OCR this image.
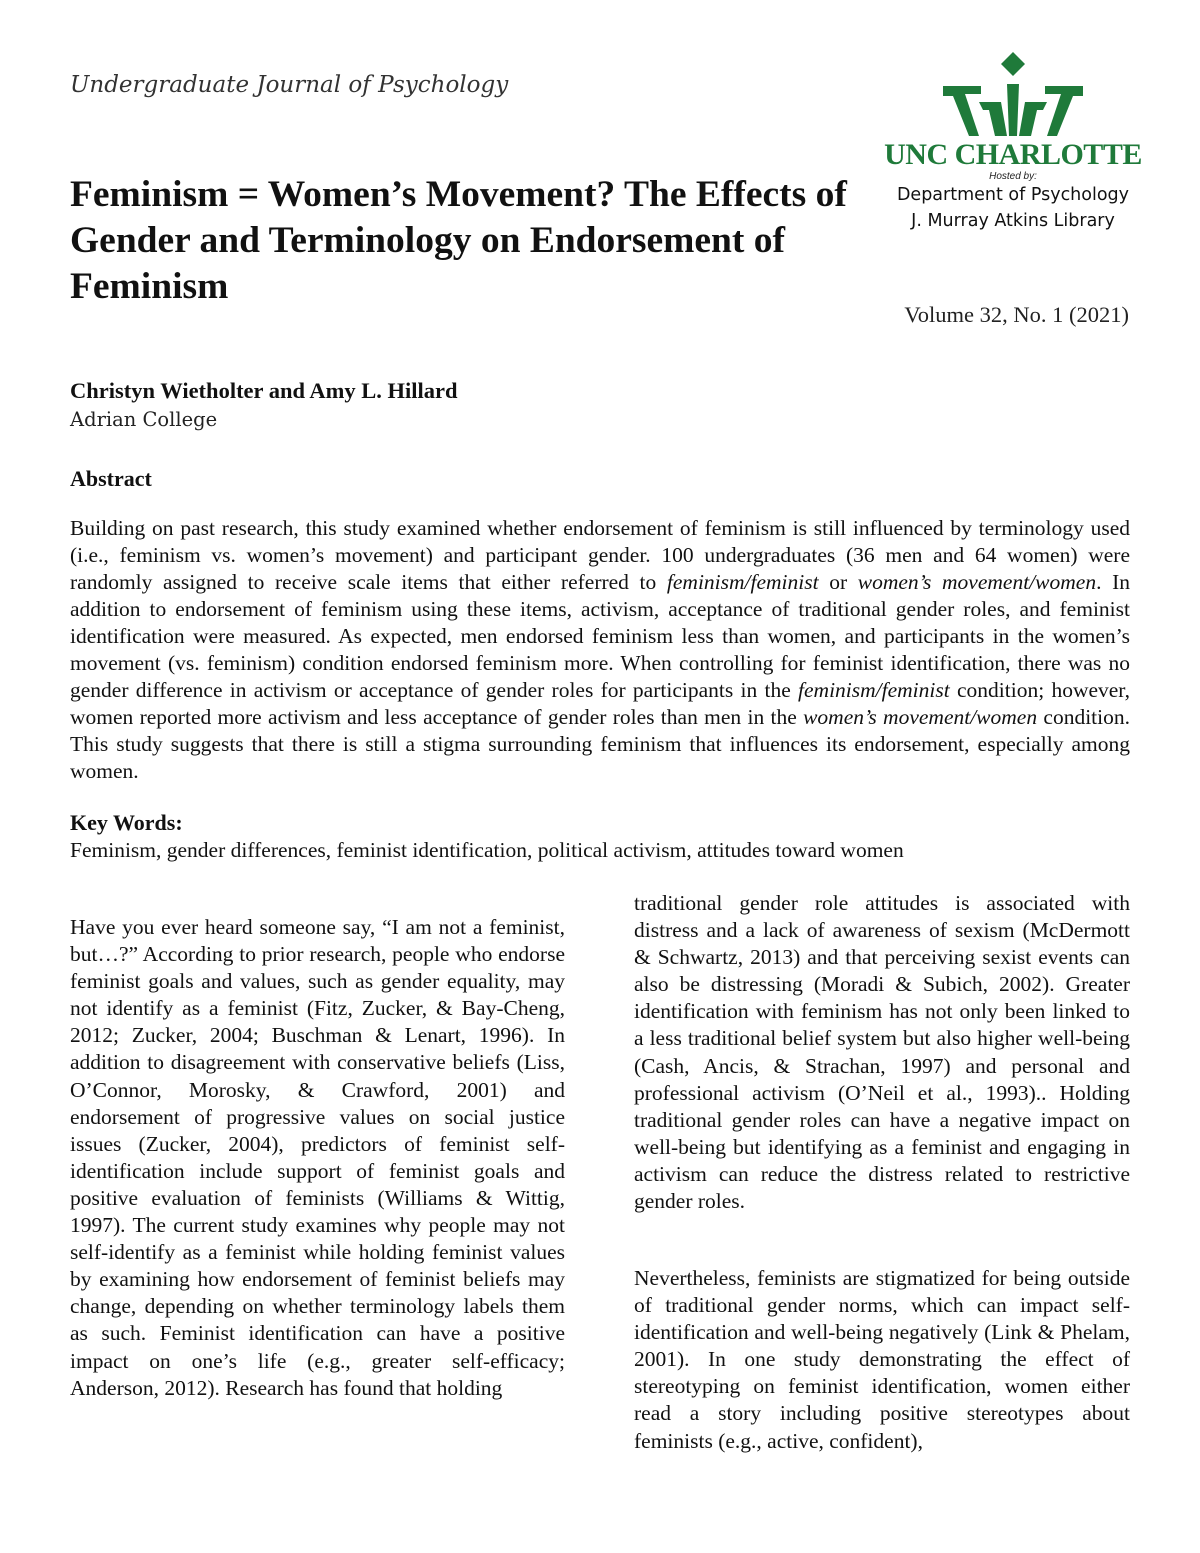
Undergraduate Journal of Psychology
Feminism = Women’s Movement? The Effects of Gender and Terminology on Endorsement of Feminism
UNC CHARLOTTE
Hosted by:
Department of Psychology
J. Murray Atkins Library
Volume 32, No. 1 (2021)
Christyn Wietholter and Amy L. Hillard
Adrian College
Abstract

Building on past research, this study examined whether endorsement of feminism is still influenced by terminology used (i.e., feminism vs. women’s movement) and participant gender. 100 undergraduates (36 men and 64 women) were randomly assigned to receive scale items that either referred to feminism/feminist or women’s movement/women. In addition to endorsement of feminism using these items, activism, acceptance of traditional gender roles, and feminist identification were measured. As expected, men endorsed feminism less than women, and participants in the women’s movement (vs. feminism) condition endorsed feminism more. When controlling for feminist identification, there was no gender difference in activism or acceptance of gender roles for participants in the feminism/feminist condition; however, women reported more activism and less acceptance of gender roles than men in the women’s movement/women condition. This study suggests that there is still a stigma surrounding feminism that influences its endorsement, especially among women.

Key Words:
Feminism, gender differences, feminist identification, political activism, attitudes toward women

Have you ever heard someone say, “I am not a feminist, but…?” According to prior research, people who endorse feminist goals and values, such as gender equality, may not identify as a feminist (Fitz, Zucker, & Bay-Cheng, 2012; Zucker, 2004; Buschman & Lenart, 1996). In addition to disagreement with conservative beliefs (Liss, O’Connor, Morosky, & Crawford, 2001) and endorsement of progressive values on social justice issues (Zucker, 2004), predictors of feminist self-identification include support of feminist goals and positive evaluation of feminists (Williams & Wittig, 1997). The current study examines why people may not self-identify as a feminist while holding feminist values by examining how endorsement of feminist beliefs may change, depending on whether terminology labels them as such. Feminist identification can have a positive impact on one’s life (e.g., greater self-efficacy; Anderson, 2012). Research has found that holding

traditional gender role attitudes is associated with distress and a lack of awareness of sexism (McDermott & Schwartz, 2013) and that perceiving sexist events can also be distressing (Moradi & Subich, 2002). Greater identification with feminism has not only been linked to a less traditional belief system but also higher well-being (Cash, Ancis, & Strachan, 1997) and personal and professional activism (O’Neil et al., 1993).. Holding traditional gender roles can have a negative impact on well-being but identifying as a feminist and engaging in activism can reduce the distress related to restrictive gender roles.

Nevertheless, feminists are stigmatized for being outside of traditional gender norms, which can impact self-identification and well-being negatively (Link & Phelam, 2001). In one study demonstrating the effect of stereotyping on feminist identification, women either read a story including positive stereotypes about feminists (e.g., active, confident),
